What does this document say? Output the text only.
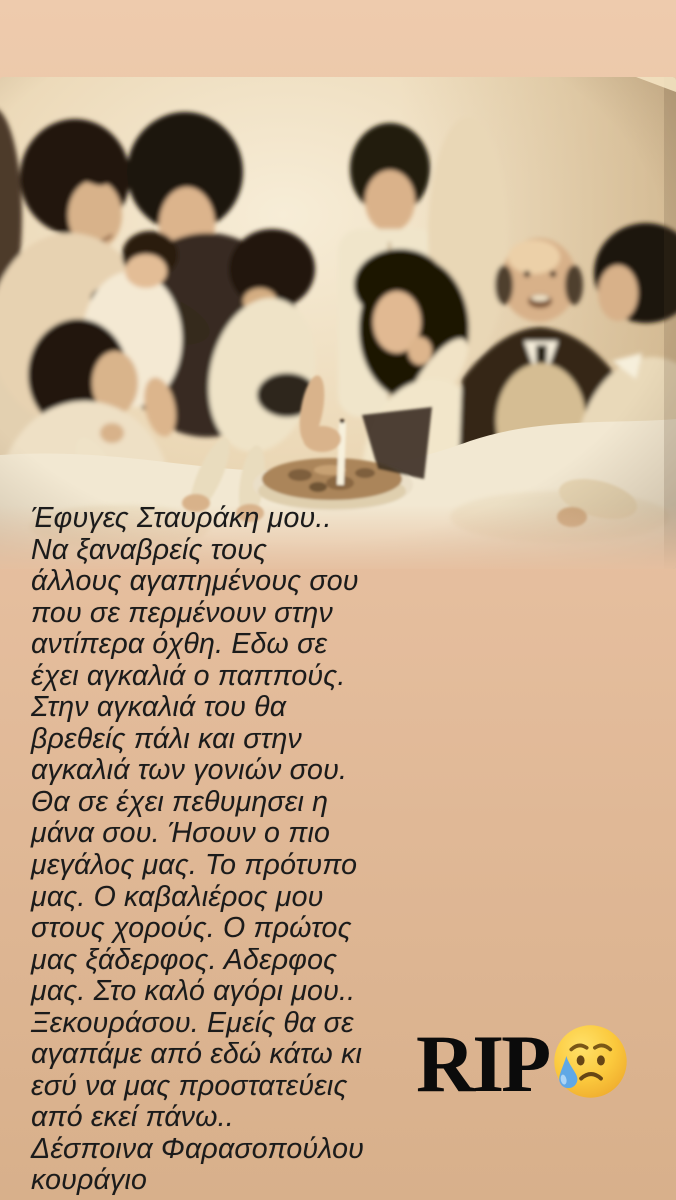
Έφυγες Σταυράκη μου..
Να ξαναβρείς τους
άλλους αγαπημένους σου
που σε περμένουν στην
αντίπερα όχθη. Εδω σε
έχει αγκαλιά ο παππούς.
Στην αγκαλιά του θα
βρεθείς πάλι και στην
αγκαλιά των γονιών σου.
Θα σε έχει πεθυμησει η
μάνα σου. Ήσουν ο πιο
μεγάλος μας. Το πρότυπο
μας. Ο καβαλιέρος μου
στους χορούς. Ο πρώτος
μας ξάδερφος. Αδερφος
μας. Στο καλό αγόρι μου..
Ξεκουράσου. Εμείς θα σε
αγαπάμε από εδώ κάτω κι
εσύ να μας προστατεύεις
από εκεί πάνω..
Δέσποινα Φαρασοπούλου
κουράγιο
RIP
